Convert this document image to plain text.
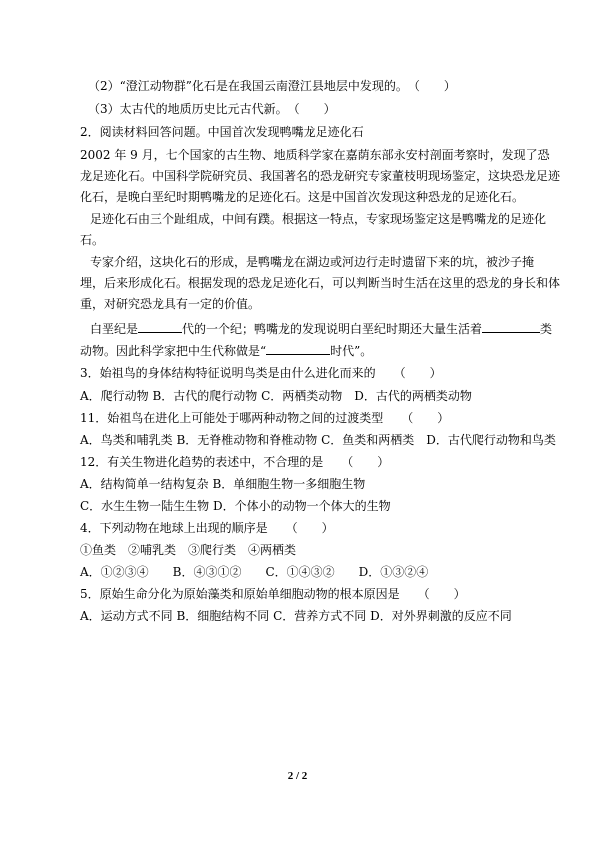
（2）“澄江动物群”化石是在我国云南澄江县地层中发现的。　（　　）
（3）太古代的地质历史比元古代新。　（　　）
2．阅读材料回答问题。中国首次发现鸭嘴龙足迹化石
2002 年 9 月，七个国家的古生物、地质科学家在嘉荫东部永安村剖面考察时，发现了恐
龙足迹化石。中国科学院研究员、我国著名的恐龙研究专家董枝明现场鉴定，这块恐龙足迹
化石，是晚白垩纪时期鸭嘴龙的足迹化石。这是中国首次发现这种恐龙的足迹化石。
足迹化石由三个趾组成，中间有蹼。根据这一特点，专家现场鉴定这是鸭嘴龙的足迹化
石。
专家介绍，这块化石的形成，是鸭嘴龙在湖边或河边行走时遗留下来的坑，被沙子掩
埋，后来形成化石。根据发现的恐龙足迹化石，可以判断当时生活在这里的恐龙的身长和体
重，对研究恐龙具有一定的价值。
白垩纪是	代的一个纪；鸭嘴龙的发现说明白垩纪时期还大量生活着	类
动物。因此科学家把中生代称做是“	时代”。
3．始祖鸟的身体结构特征说明鸟类是由什么进化而来的　　（　　）
A．爬行动物 B．古代的爬行动物 C．两栖类动物　D．古代的两栖类动物
11．始祖鸟在进化上可能处于哪两种动物之间的过渡类型　　（　　）
A．鸟类和哺乳类 B．无脊椎动物和脊椎动物 C．鱼类和两栖类　D．古代爬行动物和鸟类
12．有关生物进化趋势的表述中，不合理的是　　（　　）
A．结构简单一结构复杂 B．单细胞生物一多细胞生物
C．水生生物一陆生生物 D．个体小的动物一个体大的生物
4．下列动物在地球上出现的顺序是　　（　　）
①鱼类　②哺乳类　③爬行类　④两栖类
A．①②③④　　B．④③①②　　C．①④③②　　D．①③②④
5．原始生命分化为原始藻类和原始单细胞动物的根本原因是　　（　　）
A．运动方式不同 B．细胞结构不同 C．营养方式不同 D．对外界刺激的反应不同
2 / 2
